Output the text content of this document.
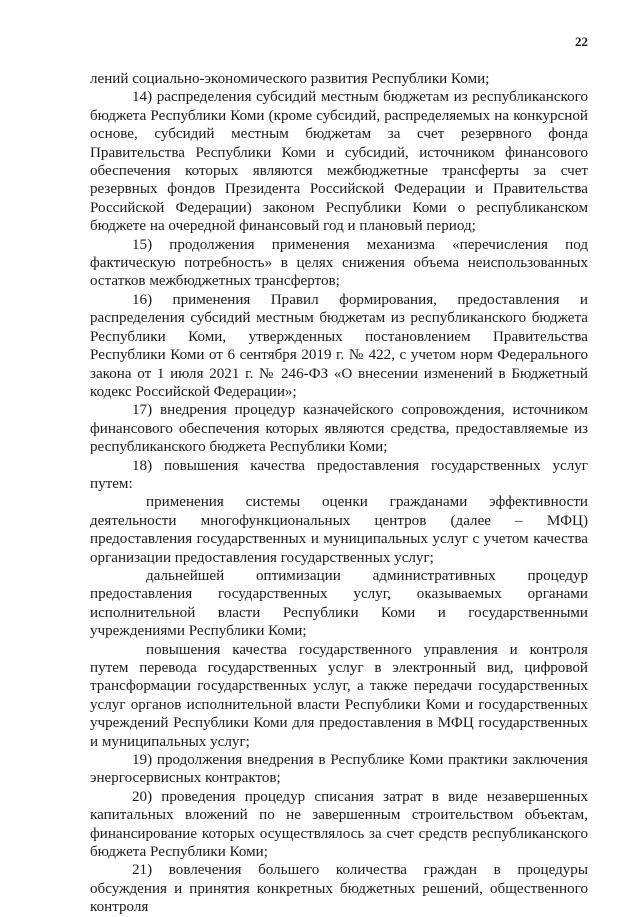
22

лений социально-экономического развития Республики Коми;

14) распределения субсидий местным бюджетам из республиканского бюджета Республики Коми (кроме субсидий, распределяемых на конкурсной основе, субсидий местным бюджетам за счет резервного фонда Правительства Республики Коми и субсидий, источником финансового обеспечения которых являются межбюджетные трансферты за счет резервных фондов Президента Российской Федерации и Правительства Российской Федерации) законом Республики Коми о республиканском бюджете на очередной финансовый год и плановый период;

15) продолжения применения механизма «перечисления под фактическую потребность» в целях снижения объема неиспользованных остатков межбюджетных трансфертов;

16) применения Правил формирования, предоставления и распределения субсидий местным бюджетам из республиканского бюджета Республики Коми, утвержденных постановлением Правительства Республики Коми от 6 сентября 2019 г. № 422, с учетом норм Федерального закона от 1 июля 2021 г. № 246-ФЗ «О внесении изменений в Бюджетный кодекс Российской Федерации»;

17) внедрения процедур казначейского сопровождения, источником финансового обеспечения которых являются средства, предоставляемые из республиканского бюджета Республики Коми;

18) повышения качества предоставления государственных услуг путем:

применения системы оценки гражданами эффективности деятельности многофункциональных центров (далее – МФЦ) предоставления государственных и муниципальных услуг с учетом качества организации предоставления государственных услуг;

дальнейшей оптимизации административных процедур предоставления государственных услуг, оказываемых органами исполнительной власти Республики Коми и государственными учреждениями Республики Коми;

повышения качества государственного управления и контроля путем перевода государственных услуг в электронный вид, цифровой трансформации государственных услуг, а также передачи государственных услуг органов исполнительной власти Республики Коми и государственных учреждений Республики Коми для предоставления в МФЦ государственных и муниципальных услуг;

19) продолжения внедрения в Республике Коми практики заключения энергосервисных контрактов;

20) проведения процедур списания затрат в виде незавершенных капитальных вложений по не завершенным строительством объектам, финансирование которых осуществлялось за счет средств республиканского бюджета Республики Коми;

21) вовлечения большего количества граждан в процедуры обсуждения и принятия конкретных бюджетных решений, общественного контроля
